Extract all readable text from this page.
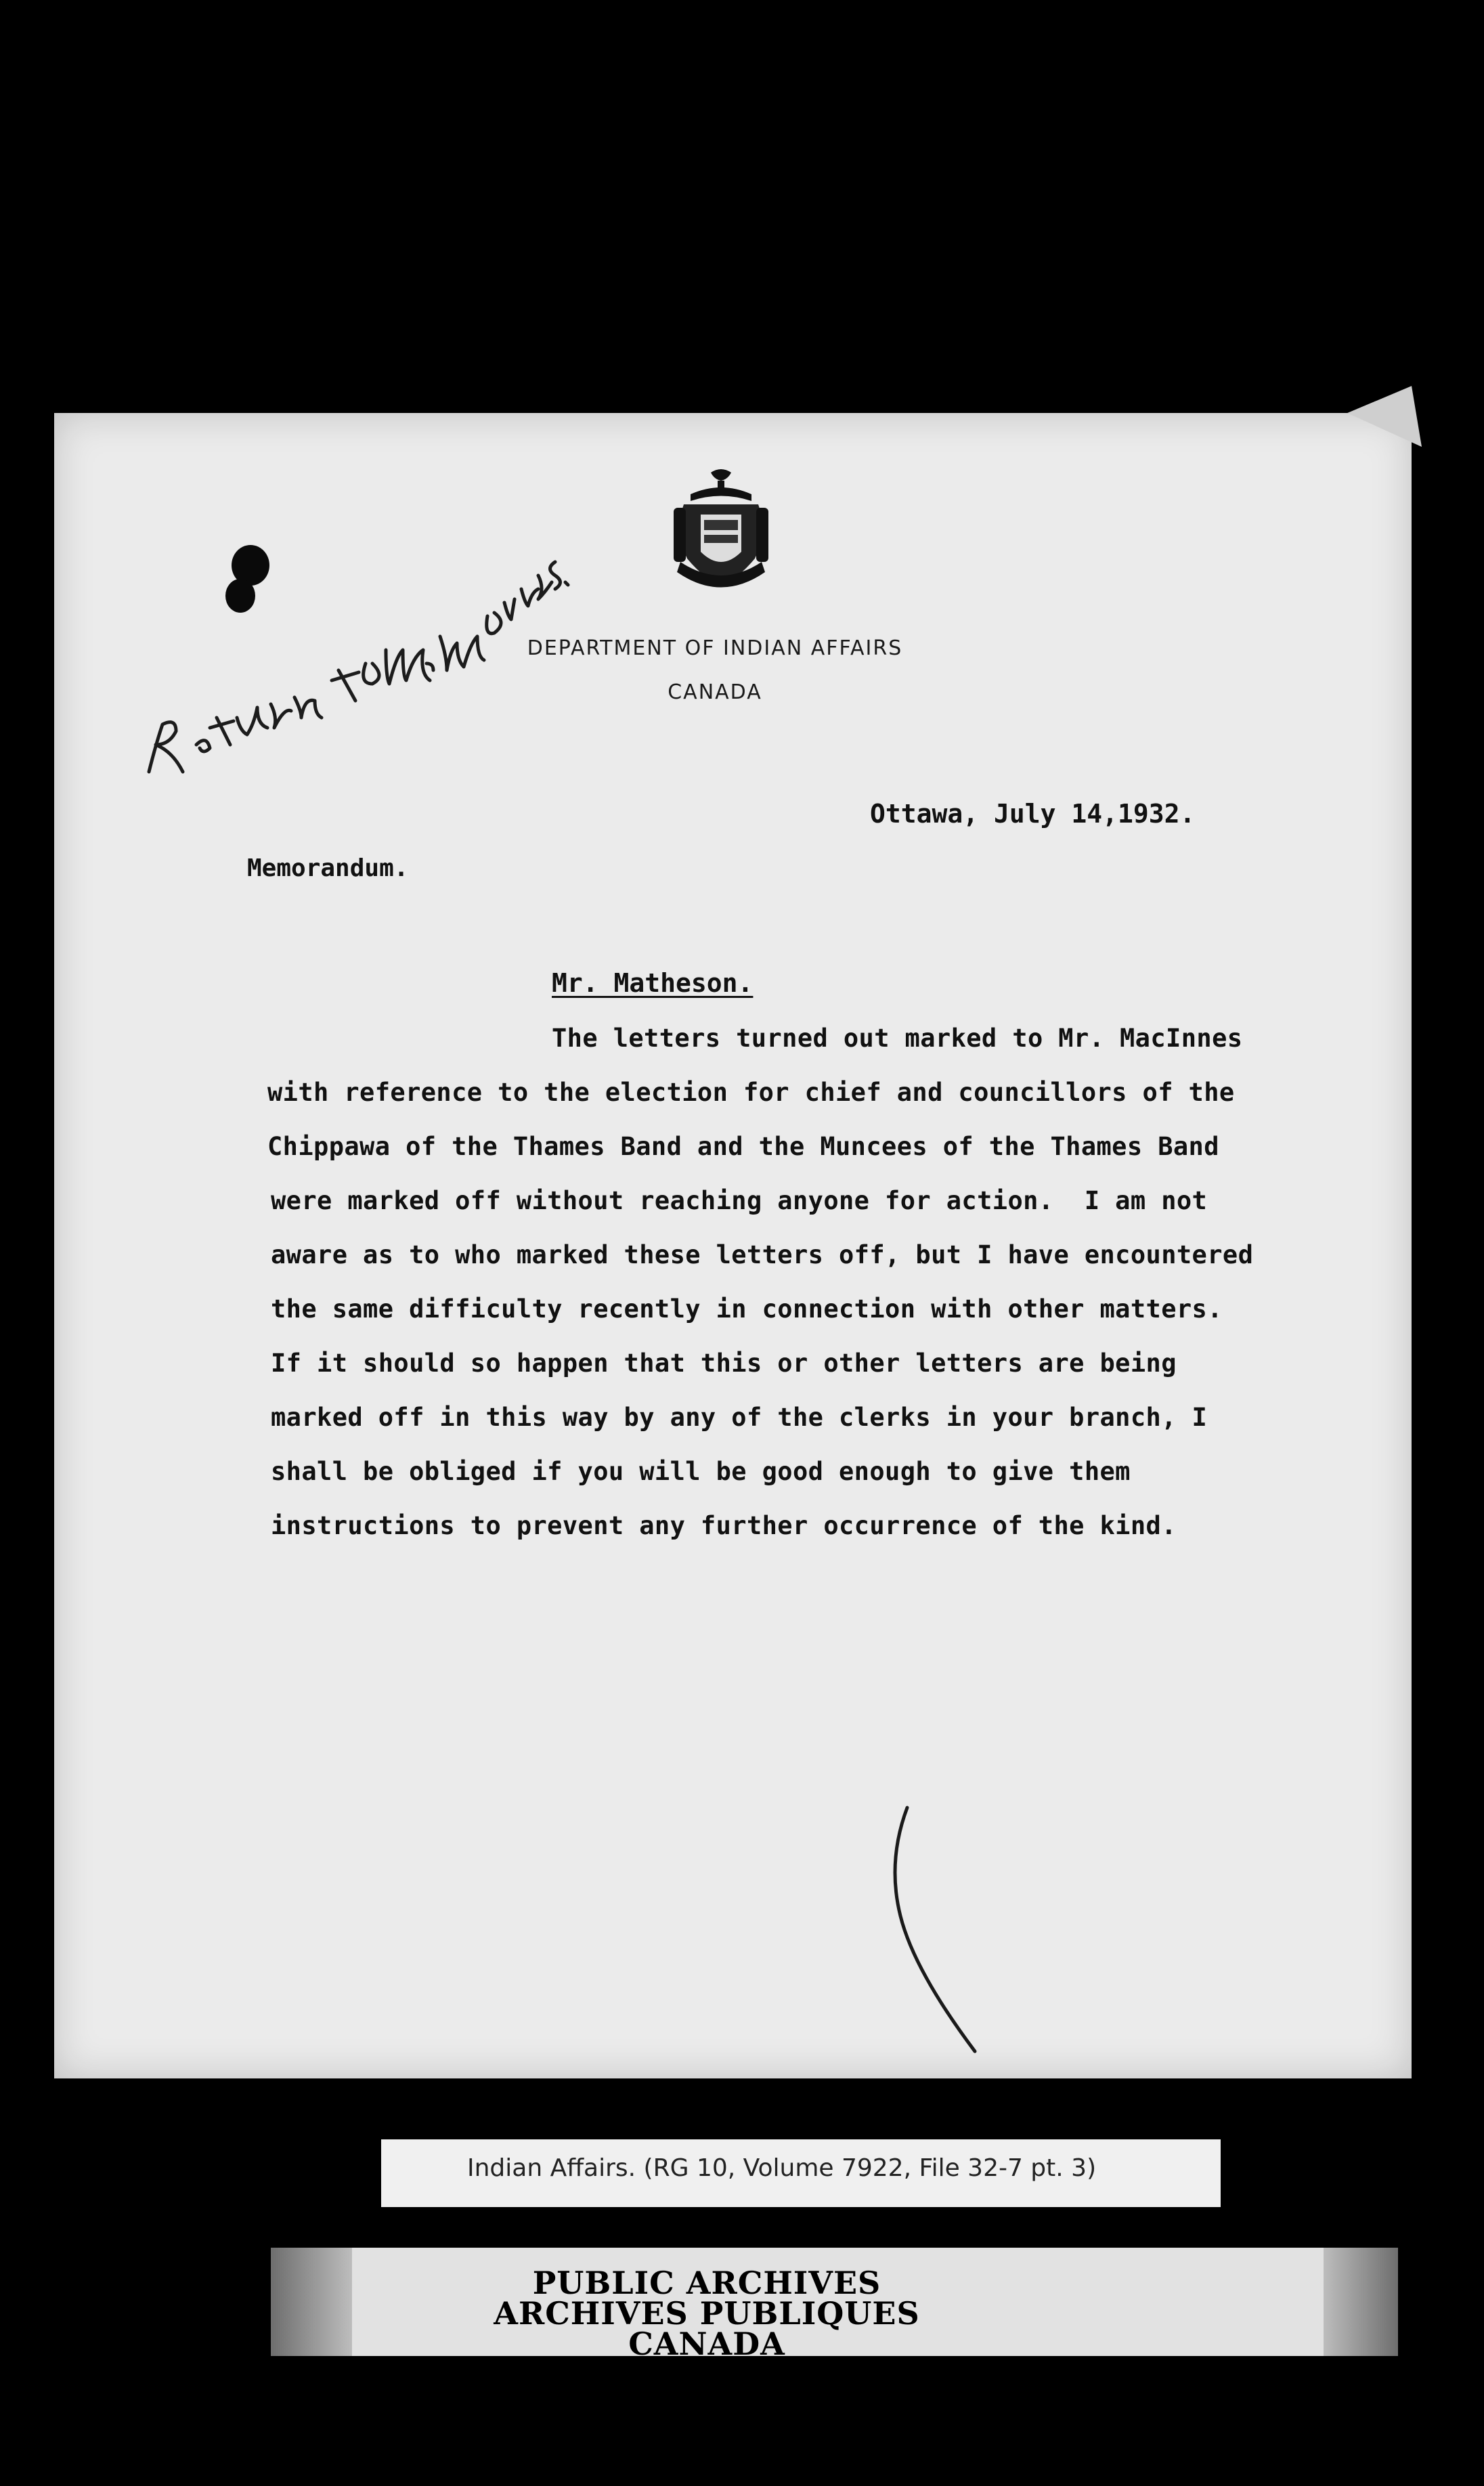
DEPARTMENT OF INDIAN AFFAIRS
CANADA
Ottawa, July 14,1932.
Memorandum.
Mr. Matheson.
The letters turned out marked to Mr. MacInnes
with reference to the election for chief and councillors of the
Chippawa of the Thames Band and the Muncees of the Thames Band
were marked off without reaching anyone for action.  I am not
aware as to who marked these letters off, but I have encountered
the same difficulty recently in connection with other matters.
If it should so happen that this or other letters are being
marked off in this way by any of the clerks in your branch, I
shall be obliged if you will be good enough to give them
instructions to prevent any further occurrence of the kind.
Indian Affairs. (RG 10, Volume 7922, File 32-7 pt. 3)
PUBLIC ARCHIVES
ARCHIVES PUBLIQUES
CANADA
